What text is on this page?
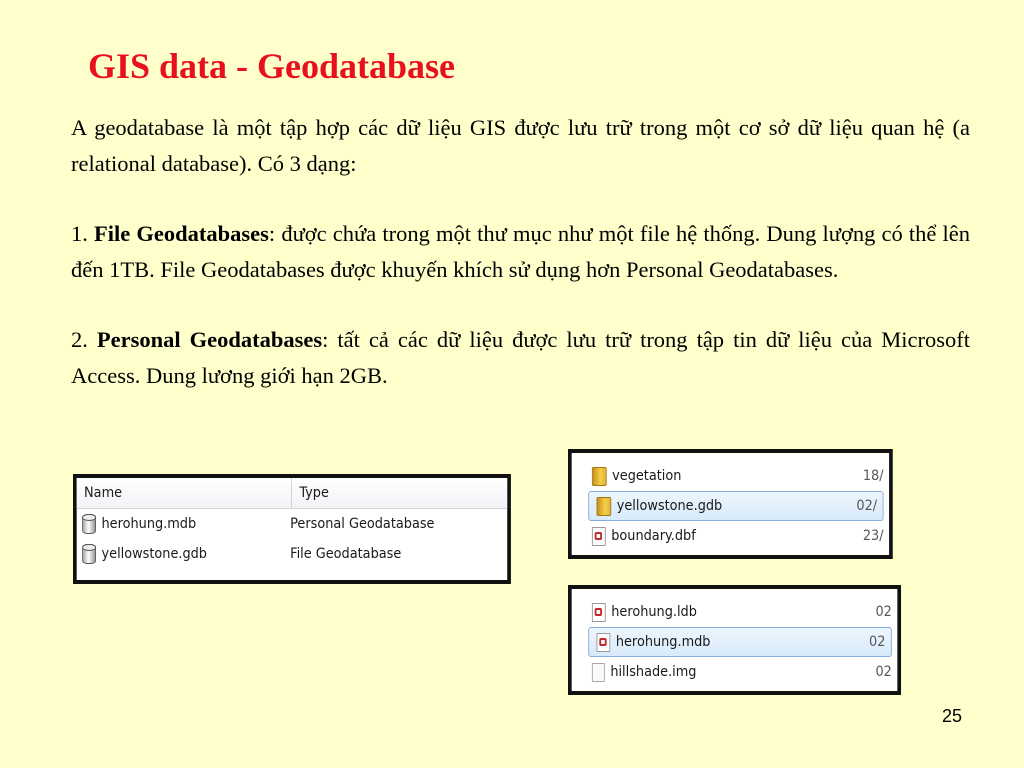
GIS data - Geodatabase

A geodatabase là một tập hợp các dữ liệu GIS được lưu trữ trong một cơ sở dữ liệu quan hệ (a relational database). Có 3 dạng:

1. File Geodatabases: được chứa trong một thư mục như một file hệ thống. Dung lượng có thể lên đến 1TB. File Geodatabases được khuyến khích sử dụng hơn Personal Geodatabases.

2. Personal Geodatabases: tất cả các dữ liệu được lưu trữ trong tập tin dữ liệu của Microsoft Access. Dung lương giới hạn 2GB.

Name	Type
herohung.mdb	Personal Geodatabase
yellowstone.gdb	File Geodatabase
vegetation	18/
yellowstone.gdb	02/
boundary.dbf	23/
herohung.ldb	02
herohung.mdb	02
hillshade.img	02
25
